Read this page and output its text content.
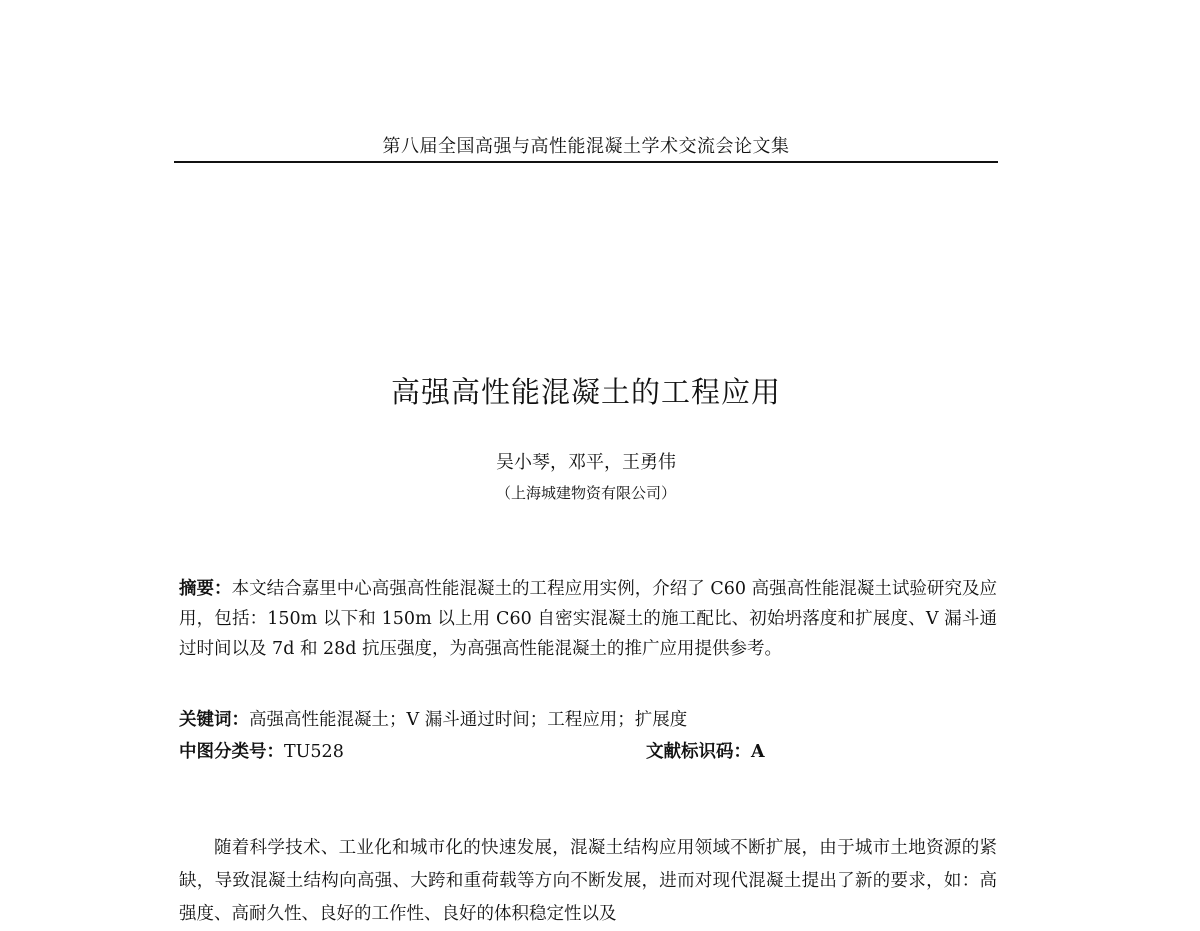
第八届全国高强与高性能混凝土学术交流会论文集
高强高性能混凝土的工程应用
吴小琴，邓平，王勇伟
（上海城建物资有限公司）

摘要：本文结合嘉里中心高强高性能混凝土的工程应用实例，介绍了 C60 高强高性能混凝土试验研究及应用，包括：150m 以下和 150m 以上用 C60 自密实混凝土的施工配比、初始坍落度和扩展度、V 漏斗通过时间以及 7d 和 28d 抗压强度，为高强高性能混凝土的推广应用提供参考。

关键词：高强高性能混凝土；V 漏斗通过时间；工程应用；扩展度

中图分类号：TU528	文献标识码：A

随着科学技术、工业化和城市化的快速发展，混凝土结构应用领域不断扩展，由于城市土地资源的紧缺，导致混凝土结构向高强、大跨和重荷载等方向不断发展，进而对现代混凝土提出了新的要求，如：高强度、高耐久性、良好的工作性、良好的体积稳定性以及
